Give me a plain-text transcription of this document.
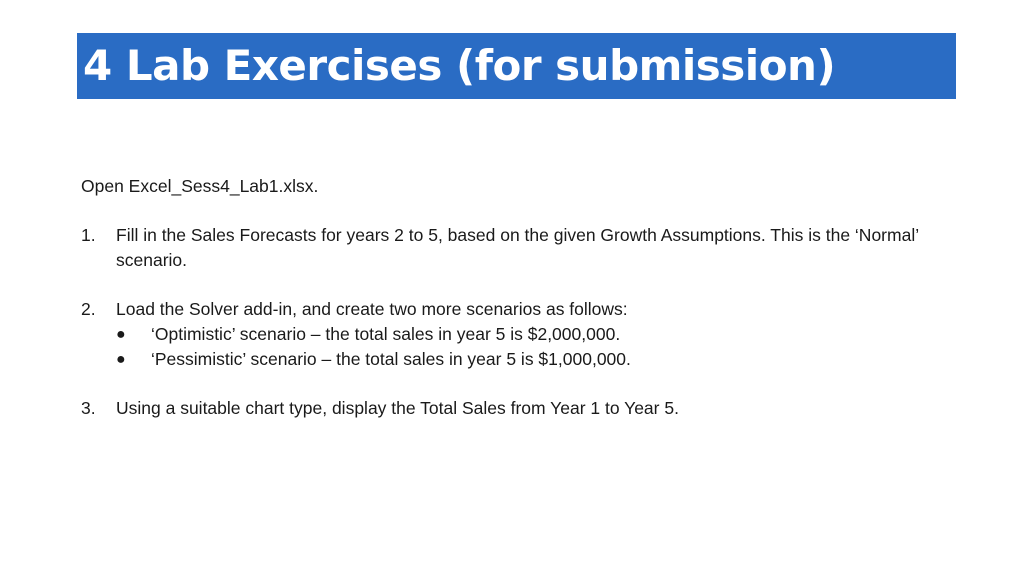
4 Lab Exercises (for submission)

Open Excel_Sess4_Lab1.xlsx.

1. Fill in the Sales Forecasts for years 2 to 5, based on the given Growth Assumptions. This is the ‘Normal’ scenario.
2. Load the Solver add-in, and create two more scenarios as follows:
● ‘Optimistic’ scenario – the total sales in year 5 is $2,000,000.
● ‘Pessimistic’ scenario – the total sales in year 5 is $1,000,000.
3. Using a suitable chart type, display the Total Sales from Year 1 to Year 5.
